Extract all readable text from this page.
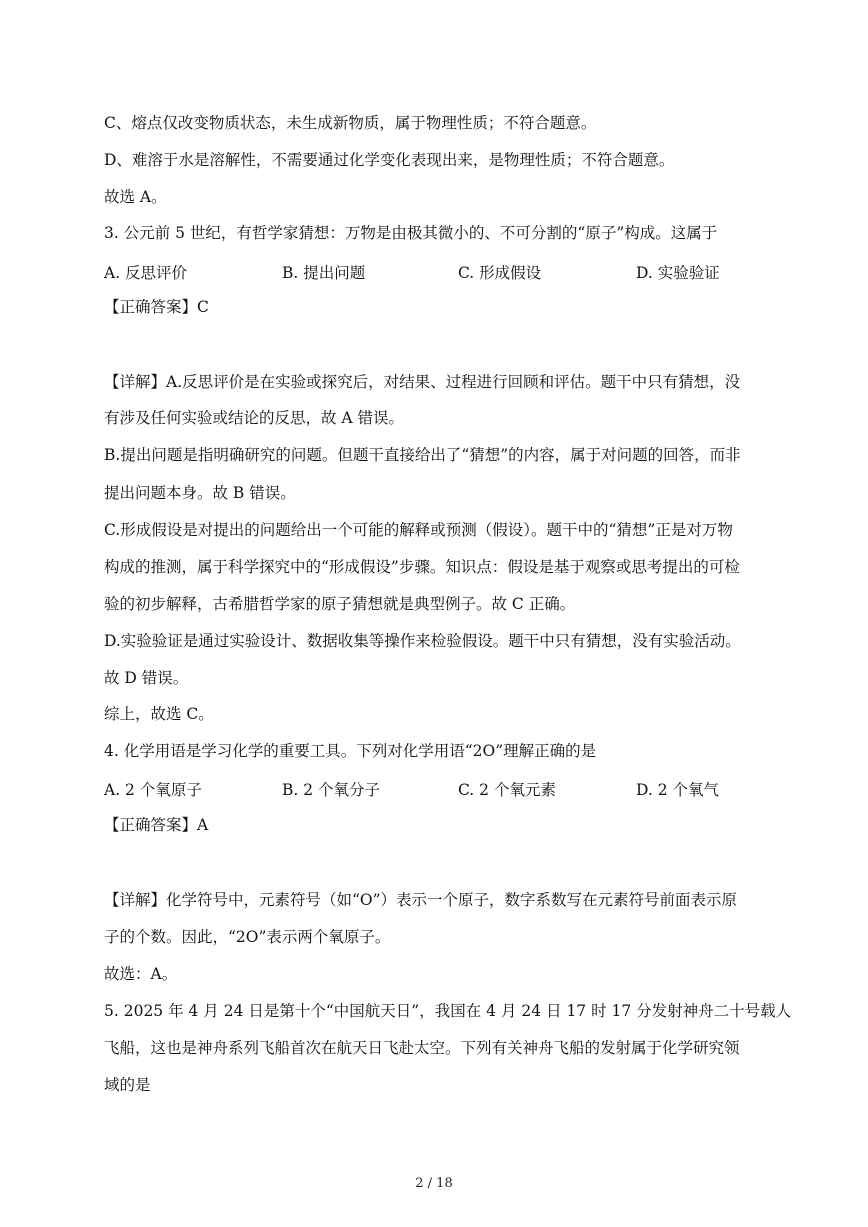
C、熔点仅改变物质状态，未生成新物质，属于物理性质；不符合题意。
D、难溶于水是溶解性，不需要通过化学变化表现出来，是物理性质；不符合题意。
故选 A。
3. 公元前 5 世纪，有哲学家猜想：万物是由极其微小的、不可分割的“原子”构成。这属于
A. 反思评价	B. 提出问题	C. 形成假设	D. 实验验证
【正确答案】C
【详解】A.反思评价是在实验或探究后，对结果、过程进行回顾和评估。题干中只有猜想，没
有涉及任何实验或结论的反思，故 A 错误。
B.提出问题是指明确研究的问题。但题干直接给出了“猜想”的内容，属于对问题的回答，而非
提出问题本身。故 B 错误。
C.形成假设是对提出的问题给出一个可能的解释或预测（假设）。题干中的“猜想”正是对万物
构成的推测，属于科学探究中的“形成假设”步骤。知识点：假设是基于观察或思考提出的可检
验的初步解释，古希腊哲学家的原子猜想就是典型例子。故 C 正确。
D.实验验证是通过实验设计、数据收集等操作来检验假设。题干中只有猜想，没有实验活动。
故 D 错误。
综上，故选 C。
4. 化学用语是学习化学的重要工具。下列对化学用语“2O”理解正确的是
A. 2 个氧原子	B. 2 个氧分子	C. 2 个氧元素	D. 2 个氧气
【正确答案】A
【详解】化学符号中，元素符号（如“O”）表示一个原子，数字系数写在元素符号前面表示原
子的个数。因此，“2O”表示两个氧原子。
故选：A。
5. 2025 年 4 月 24 日是第十个“中国航天日”，我国在 4 月 24 日 17 时 17 分发射神舟二十号载人
飞船，这也是神舟系列飞船首次在航天日飞赴太空。下列有关神舟飞船的发射属于化学研究领
域的是
2 / 18
